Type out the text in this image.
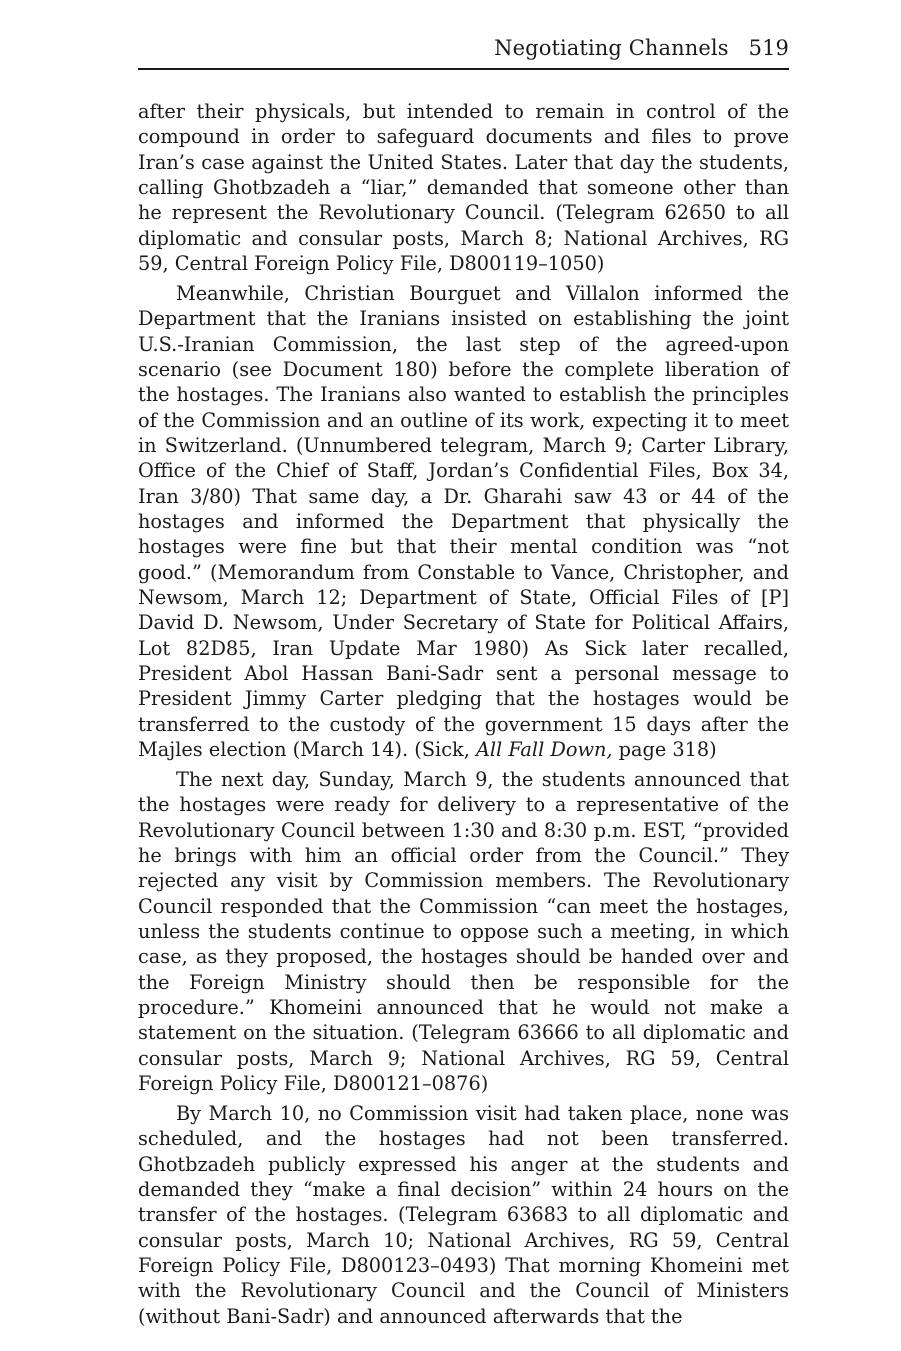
Negotiating Channels 519

after their physicals, but intended to remain in control of the compound in order to safeguard documents and files to prove Iran’s case against the United States. Later that day the students, calling Ghotbzadeh a “liar,” demanded that someone other than he represent the Revolutionary Council. (Telegram 62650 to all diplomatic and consular posts, March 8; National Archives, RG 59, Central Foreign Policy File, D800119–1050)

Meanwhile, Christian Bourguet and Villalon informed the Department that the Iranians insisted on establishing the joint U.S.-Iranian Commission, the last step of the agreed-upon scenario (see Document 180) before the complete liberation of the hostages. The Iranians also wanted to establish the principles of the Commission and an outline of its work, expecting it to meet in Switzerland. (Unnumbered telegram, March 9; Carter Library, Office of the Chief of Staff, Jordan’s Confidential Files, Box 34, Iran 3/80) That same day, a Dr. Gharahi saw 43 or 44 of the hostages and informed the Department that physically the hostages were fine but that their mental condition was “not good.” (Memorandum from Constable to Vance, Christopher, and Newsom, March 12; Department of State, Official Files of [P] David D. Newsom, Under Secretary of State for Political Affairs, Lot 82D85, Iran Update Mar 1980) As Sick later recalled, President Abol Hassan Bani-Sadr sent a personal message to President Jimmy Carter pledging that the hostages would be transferred to the custody of the government 15 days after the Majles election (March 14). (Sick, All Fall Down, page 318)

The next day, Sunday, March 9, the students announced that the hostages were ready for delivery to a representative of the Revolutionary Council between 1:30 and 8:30 p.m. EST, “provided he brings with him an official order from the Council.” They rejected any visit by Commission members. The Revolutionary Council responded that the Commission “can meet the hostages, unless the students continue to oppose such a meeting, in which case, as they proposed, the hostages should be handed over and the Foreign Ministry should then be responsible for the procedure.” Khomeini announced that he would not make a statement on the situation. (Telegram 63666 to all diplomatic and consular posts, March 9; National Archives, RG 59, Central Foreign Policy File, D800121–0876)

By March 10, no Commission visit had taken place, none was scheduled, and the hostages had not been transferred. Ghotbzadeh publicly expressed his anger at the students and demanded they “make a final decision” within 24 hours on the transfer of the hostages. (Telegram 63683 to all diplomatic and consular posts, March 10; National Archives, RG 59, Central Foreign Policy File, D800123–0493) That morning Khomeini met with the Revolutionary Council and the Council of Ministers (without Bani-Sadr) and announced afterwards that the
